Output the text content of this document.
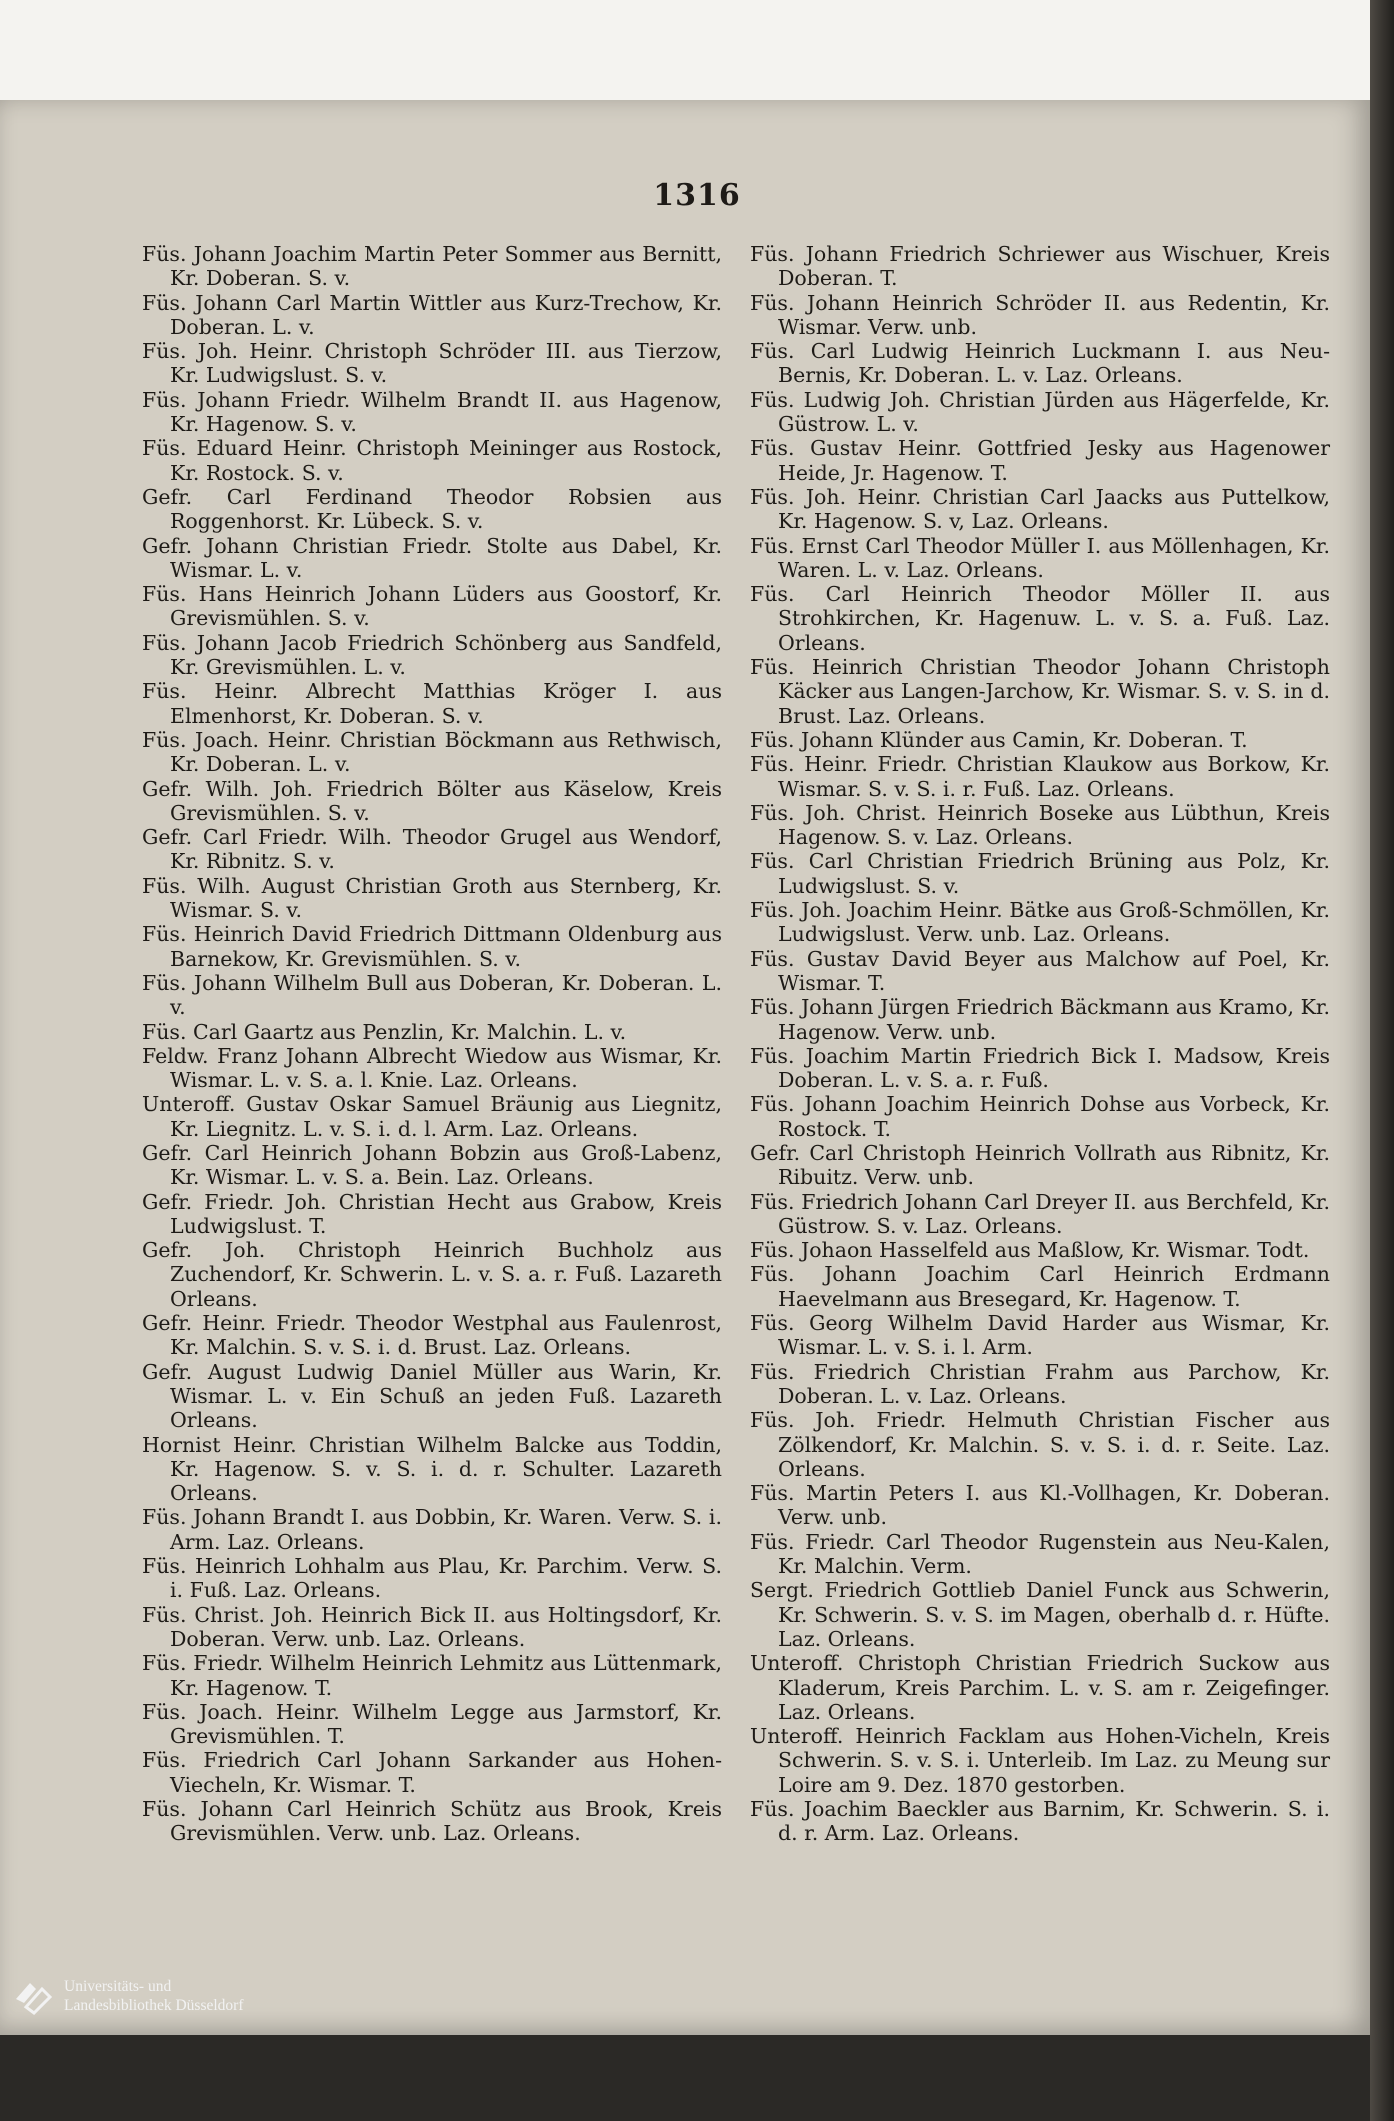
1316

Füs. Johann Joachim Martin Peter Sommer aus Bernitt, Kr. Doberan. S. v.

Füs. Johann Carl Martin Wittler aus Kurz-Trechow, Kr. Doberan. L. v.

Füs. Joh. Heinr. Christoph Schröder III. aus Tierzow, Kr. Ludwigslust. S. v.

Füs. Johann Friedr. Wilhelm Brandt II. aus Hagenow, Kr. Hagenow. S. v.

Füs. Eduard Heinr. Christoph Meininger aus Rostock, Kr. Rostock. S. v.

Gefr. Carl Ferdinand Theodor Robsien aus Roggenhorst. Kr. Lübeck. S. v.

Gefr. Johann Christian Friedr. Stolte aus Dabel, Kr. Wismar. L. v.

Füs. Hans Heinrich Johann Lüders aus Goostorf, Kr. Grevismühlen. S. v.

Füs. Johann Jacob Friedrich Schönberg aus Sandfeld, Kr. Grevismühlen. L. v.

Füs. Heinr. Albrecht Matthias Kröger I. aus Elmenhorst, Kr. Doberan. S. v.

Füs. Joach. Heinr. Christian Böckmann aus Rethwisch, Kr. Doberan. L. v.

Gefr. Wilh. Joh. Friedrich Bölter aus Käselow, Kreis Grevismühlen. S. v.

Gefr. Carl Friedr. Wilh. Theodor Grugel aus Wendorf, Kr. Ribnitz. S. v.

Füs. Wilh. August Christian Groth aus Sternberg, Kr. Wismar. S. v.

Füs. Heinrich David Friedrich Dittmann Oldenburg aus Barnekow, Kr. Grevismühlen. S. v.

Füs. Johann Wilhelm Bull aus Doberan, Kr. Doberan. L. v.

Füs. Carl Gaartz aus Penzlin, Kr. Malchin. L. v.

Feldw. Franz Johann Albrecht Wiedow aus Wismar, Kr. Wismar. L. v. S. a. l. Knie. Laz. Orleans.

Unteroff. Gustav Oskar Samuel Bräunig aus Liegnitz, Kr. Liegnitz. L. v. S. i. d. l. Arm. Laz. Orleans.

Gefr. Carl Heinrich Johann Bobzin aus Groß-Labenz, Kr. Wismar. L. v. S. a. Bein. Laz. Orleans.

Gefr. Friedr. Joh. Christian Hecht aus Grabow, Kreis Ludwigslust. T.

Gefr. Joh. Christoph Heinrich Buchholz aus Zuchendorf, Kr. Schwerin. L. v. S. a. r. Fuß. Lazareth Orleans.

Gefr. Heinr. Friedr. Theodor Westphal aus Faulenrost, Kr. Malchin. S. v. S. i. d. Brust. Laz. Orleans.

Gefr. August Ludwig Daniel Müller aus Warin, Kr. Wismar. L. v. Ein Schuß an jeden Fuß. Lazareth Orleans.

Hornist Heinr. Christian Wilhelm Balcke aus Toddin, Kr. Hagenow. S. v. S. i. d. r. Schulter. Lazareth Orleans.

Füs. Johann Brandt I. aus Dobbin, Kr. Waren. Verw. S. i. Arm. Laz. Orleans.

Füs. Heinrich Lohhalm aus Plau, Kr. Parchim. Verw. S. i. Fuß. Laz. Orleans.

Füs. Christ. Joh. Heinrich Bick II. aus Holtingsdorf, Kr. Doberan. Verw. unb. Laz. Orleans.

Füs. Friedr. Wilhelm Heinrich Lehmitz aus Lüttenmark, Kr. Hagenow. T.

Füs. Joach. Heinr. Wilhelm Legge aus Jarmstorf, Kr. Grevismühlen. T.

Füs. Friedrich Carl Johann Sarkander aus Hohen-Viecheln, Kr. Wismar. T.

Füs. Johann Carl Heinrich Schütz aus Brook, Kreis Grevismühlen. Verw. unb. Laz. Orleans.

Füs. Johann Friedrich Schriewer aus Wischuer, Kreis Doberan. T.

Füs. Johann Heinrich Schröder II. aus Redentin, Kr. Wismar. Verw. unb.

Füs. Carl Ludwig Heinrich Luckmann I. aus Neu-Bernis, Kr. Doberan. L. v. Laz. Orleans.

Füs. Ludwig Joh. Christian Jürden aus Hägerfelde, Kr. Güstrow. L. v.

Füs. Gustav Heinr. Gottfried Jesky aus Hagenower Heide, Jr. Hagenow. T.

Füs. Joh. Heinr. Christian Carl Jaacks aus Puttelkow, Kr. Hagenow. S. v, Laz. Orleans.

Füs. Ernst Carl Theodor Müller I. aus Möllenhagen, Kr. Waren. L. v. Laz. Orleans.

Füs. Carl Heinrich Theodor Möller II. aus Strohkirchen, Kr. Hagenuw. L. v. S. a. Fuß. Laz. Orleans.

Füs. Heinrich Christian Theodor Johann Christoph Käcker aus Langen-Jarchow, Kr. Wismar. S. v. S. in d. Brust. Laz. Orleans.

Füs. Johann Klünder aus Camin, Kr. Doberan. T.

Füs. Heinr. Friedr. Christian Klaukow aus Borkow, Kr. Wismar. S. v. S. i. r. Fuß. Laz. Orleans.

Füs. Joh. Christ. Heinrich Boseke aus Lübthun, Kreis Hagenow. S. v. Laz. Orleans.

Füs. Carl Christian Friedrich Brüning aus Polz, Kr. Ludwigslust. S. v.

Füs. Joh. Joachim Heinr. Bätke aus Groß-Schmöllen, Kr. Ludwigslust. Verw. unb. Laz. Orleans.

Füs. Gustav David Beyer aus Malchow auf Poel, Kr. Wismar. T.

Füs. Johann Jürgen Friedrich Bäckmann aus Kramo, Kr. Hagenow. Verw. unb.

Füs. Joachim Martin Friedrich Bick I. Madsow, Kreis Doberan. L. v. S. a. r. Fuß.

Füs. Johann Joachim Heinrich Dohse aus Vorbeck, Kr. Rostock. T.

Gefr. Carl Christoph Heinrich Vollrath aus Ribnitz, Kr. Ribuitz. Verw. unb.

Füs. Friedrich Johann Carl Dreyer II. aus Berchfeld, Kr. Güstrow. S. v. Laz. Orleans.

Füs. Johaon Hasselfeld aus Maßlow, Kr. Wismar. Todt.

Füs. Johann Joachim Carl Heinrich Erdmann Haevelmann aus Bresegard, Kr. Hagenow. T.

Füs. Georg Wilhelm David Harder aus Wismar, Kr. Wismar. L. v. S. i. l. Arm.

Füs. Friedrich Christian Frahm aus Parchow, Kr. Doberan. L. v. Laz. Orleans.

Füs. Joh. Friedr. Helmuth Christian Fischer aus Zölkendorf, Kr. Malchin. S. v. S. i. d. r. Seite. Laz. Orleans.

Füs. Martin Peters I. aus Kl.-Vollhagen, Kr. Doberan. Verw. unb.

Füs. Friedr. Carl Theodor Rugenstein aus Neu-Kalen, Kr. Malchin. Verm.

Sergt. Friedrich Gottlieb Daniel Funck aus Schwerin, Kr. Schwerin. S. v. S. im Magen, oberhalb d. r. Hüfte. Laz. Orleans.

Unteroff. Christoph Christian Friedrich Suckow aus Kladerum, Kreis Parchim. L. v. S. am r. Zeigefinger. Laz. Orleans.

Unteroff. Heinrich Facklam aus Hohen-Vicheln, Kreis Schwerin. S. v. S. i. Unterleib. Im Laz. zu Meung sur Loire am 9. Dez. 1870 gestorben.

Füs. Joachim Baeckler aus Barnim, Kr. Schwerin. S. i. d. r. Arm. Laz. Orleans.

Universitäts- und
Landesbibliothek Düsseldorf
